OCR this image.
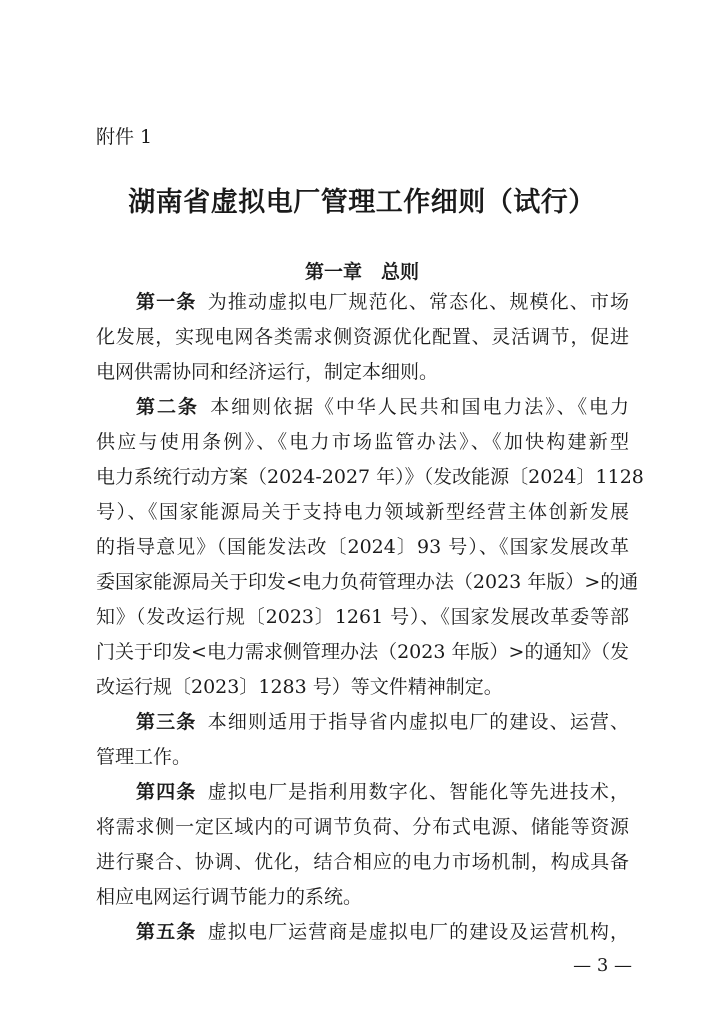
附件 1
湖南省虚拟电厂管理工作细则（试行）
第一章　总则
第一条 为推动虚拟电厂规范化、常态化、规模化、市场
化发展，实现电网各类需求侧资源优化配置、灵活调节，促进
电网供需协同和经济运行，制定本细则。
第二条 本细则依据《中华人民共和国电力法》、《电力
供应与使用条例》、《电力市场监管办法》、《加快构建新型
电力系统行动方案（2024-2027 年）》（发改能源〔2024〕1128
号）、《国家能源局关于支持电力领域新型经营主体创新发展
的指导意见》（国能发法改〔2024〕93 号）、《国家发展改革
委国家能源局关于印发<电力负荷管理办法（2023 年版）>的通
知》（发改运行规〔2023〕1261 号）、《国家发展改革委等部
门关于印发<电力需求侧管理办法（2023 年版）>的通知》（发
改运行规〔2023〕1283 号）等文件精神制定。
第三条 本细则适用于指导省内虚拟电厂的建设、运营、
管理工作。
第四条 虚拟电厂是指利用数字化、智能化等先进技术，
将需求侧一定区域内的可调节负荷、分布式电源、储能等资源
进行聚合、协调、优化，结合相应的电力市场机制，构成具备
相应电网运行调节能力的系统。
第五条 虚拟电厂运营商是虚拟电厂的建设及运营机构，
— 3 —
